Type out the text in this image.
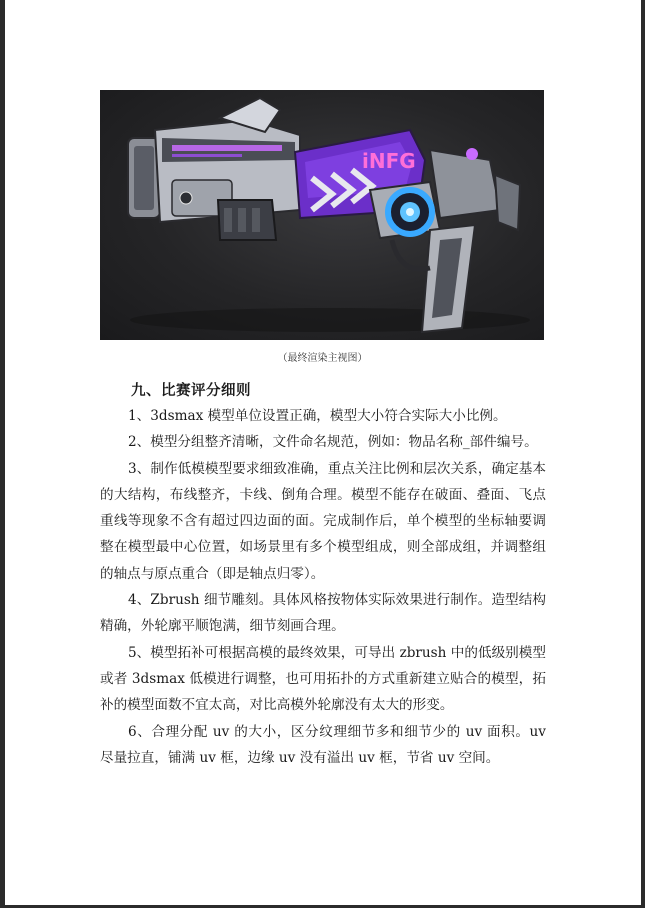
iNFG
（最终渲染主视图）
九、比赛评分细则

1、3dsmax 模型单位设置正确，模型大小符合实际大小比例。

2、模型分组整齐清晰，文件命名规范，例如：物品名称_部件编号。

3、制作低模模型要求细致准确，重点关注比例和层次关系，确定基本的大结构，布线整齐，卡线、倒角合理。模型不能存在破面、叠面、飞点重线等现象不含有超过四边面的面。完成制作后，单个模型的坐标轴要调整在模型最中心位置，如场景里有多个模型组成，则全部成组，并调整组的轴点与原点重合（即是轴点归零）。

4、Zbrush 细节雕刻。具体风格按物体实际效果进行制作。造型结构精确，外轮廓平顺饱满，细节刻画合理。

5、模型拓补可根据高模的最终效果，可导出 zbrush 中的低级别模型或者 3dsmax 低模进行调整，也可用拓扑的方式重新建立贴合的模型，拓补的模型面数不宜太高，对比高模外轮廓没有太大的形变。

6、合理分配 uv 的大小，区分纹理细节多和细节少的 uv 面积。uv 尽量拉直，铺满 uv 框，边缘 uv 没有溢出 uv 框，节省 uv 空间。
